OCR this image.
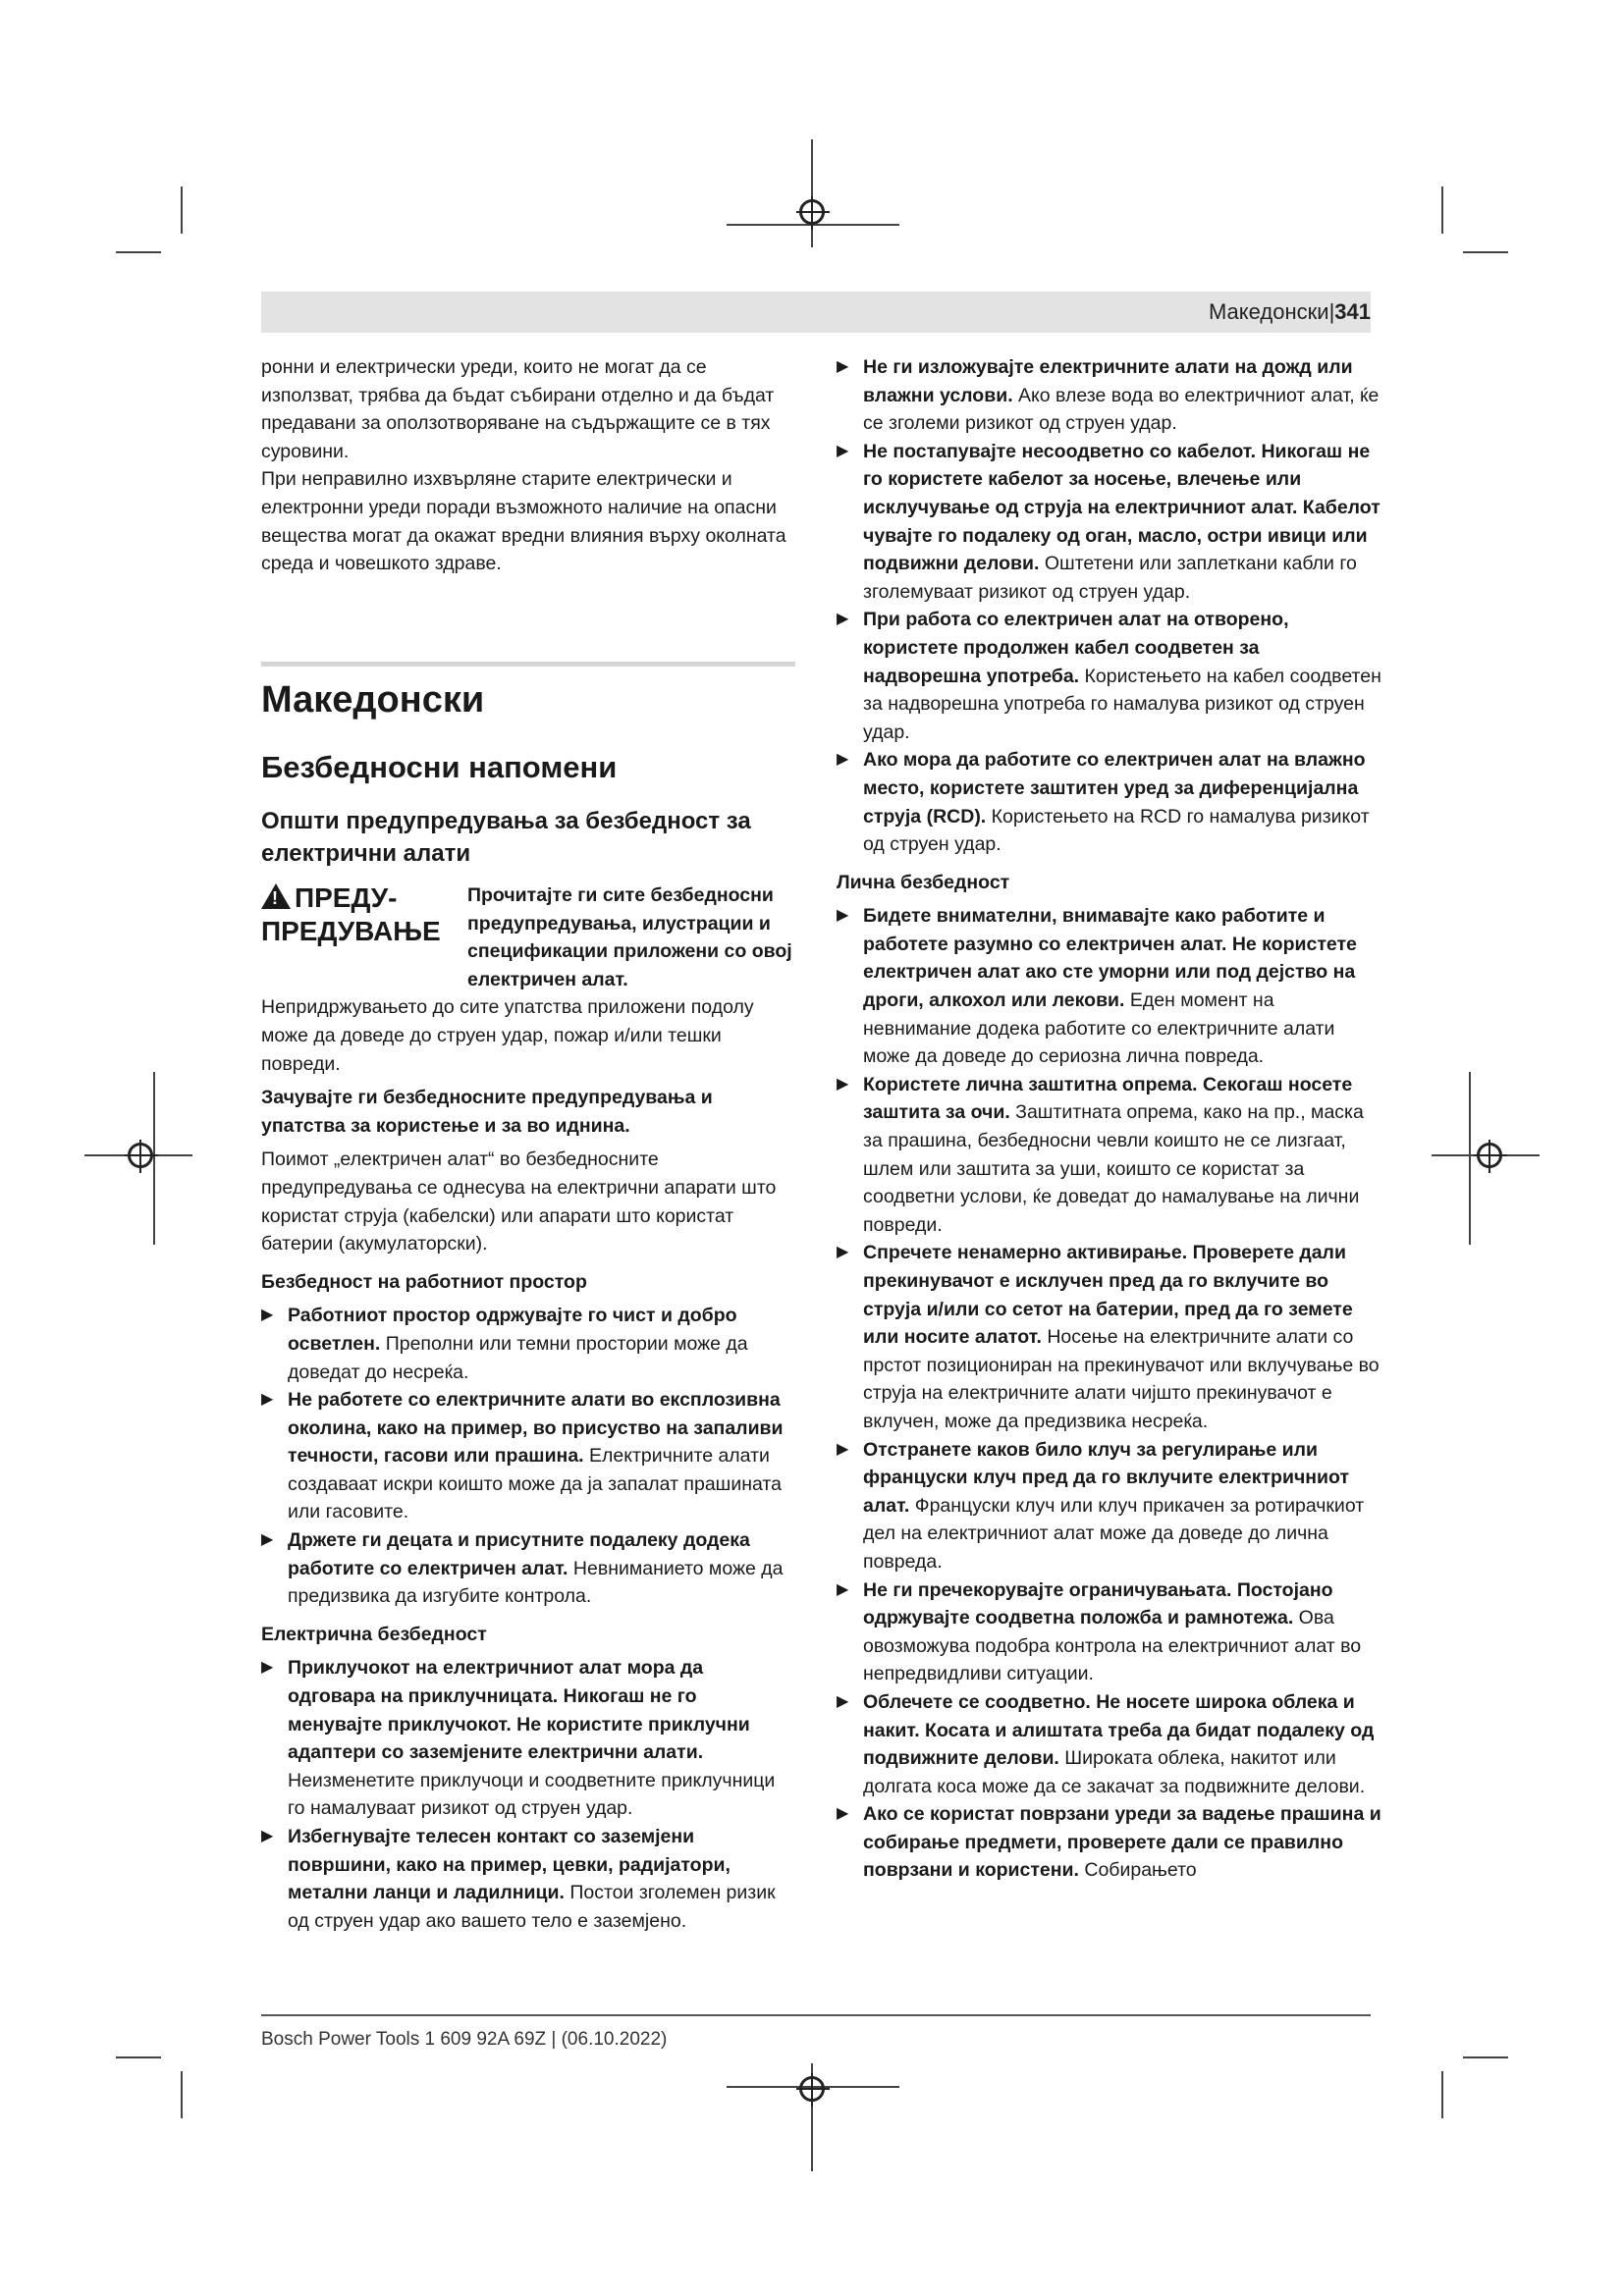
Македонски|341

ронни и електрически уреди, които не могат да се използват, трябва да бъдат събирани отделно и да бъдат предавани за оползотворяване на съдържащите се в тях суровини.

При неправилно изхвърляне старите електрически и електронни уреди поради възможното наличие на опасни вещества могат да окажат вредни влияния върху околната среда и човешкото здраве.

Македонски

Безбедносни напомени

Општи предупредувања за безбедност за електрични алати

!ПРЕДУ-
ПРЕДУВАЊЕ
Прочитајте ги сите безбедносни предупредувања, илустрации и спецификации приложени со овој електричен алат. Непридржувањето до сите упатства приложени подолу може да доведе до струен удар, пожар и/или тешки повреди.

Зачувајте ги безбедносните предупредувања и упатства за користење и за во иднина.

Поимот „електричен алат“ во безбедносните предупредувања се однесува на електрични апарати што користат струја (кабелски) или апарати што користат батерии (акумулаторски).

Безбедност на работниот простор

▶ Работниот простор одржувајте го чист и добро осветлен. Преполни или темни простории може да доведат до несреќа.

▶ Не работете со електричните алати во експлозивна околина, како на пример, во присуство на запаливи течности, гасови или прашина. Електричните алати создаваат искри коишто може да ја запалат прашината или гасовите.

▶ Држете ги децата и присутните подалеку додека работите со електричен алат. Невниманието може да предизвика да изгубите контрола.

Електрична безбедност

▶ Приклучокот на електричниот алат мора да одговара на приклучницата. Никогаш не го менувајте приклучокот. Не користите приклучни адаптери со заземјените електрични алати. Неизменетите приклучоци и соодветните приклучници го намалуваат ризикот од струен удар.

▶ Избегнувајте телесен контакт со заземјени површини, како на пример, цевки, радијатори, метални ланци и ладилници. Постои зголемен ризик од струен удар ако вашето тело е заземјено.

▶ Не ги изложувајте електричните алати на дожд или влажни услови. Ако влезе вода во електричниот алат, ќе се зголеми ризикот од струен удар.

▶ Не постапувајте несоодветно со кабелот. Никогаш не го користете кабелот за носење, влечење или исклучување од струја на електричниот алат. Кабелот чувајте го подалеку од оган, масло, остри ивици или подвижни делови. Оштетени или заплеткани кабли го зголемуваат ризикот од струен удар.

▶ При работа со електричен алат на отворено, користете продолжен кабел соодветен за надворешна употреба. Користењето на кабел соодветен за надворешна употреба го намалува ризикот од струен удар.

▶ Ако мора да работите со електричен алат на влажно место, користете заштитен уред за диференцијална струја (RCD). Користењето на RCD го намалува ризикот од струен удар.

Лична безбедност

▶ Бидете внимателни, внимавајте како работите и работете разумно со електричен алат. Не користете електричен алат ако сте уморни или под дејство на дроги, алкохол или лекови. Еден момент на невнимание додека работите со електричните алати може да доведе до сериозна лична повреда.

▶ Користете лична заштитна опрема. Секогаш носете заштита за очи. Заштитната опрема, како на пр., маска за прашина, безбедносни чевли коишто не се лизгаат, шлем или заштита за уши, коишто се користат за соодветни услови, ќе доведат до намалување на лични повреди.

▶ Спречете ненамерно активирање. Проверете дали прекинувачот е исклучен пред да го вклучите во струја и/или со сетот на батерии, пред да го земете или носите алатот. Носење на електричните алати со прстот позициониран на прекинувачот или вклучување во струја на електричните алати чијшто прекинувачот е вклучен, може да предизвика несреќа.

▶ Отстранете каков било клуч за регулирање или француски клуч пред да го вклучите електричниот алат. Француски клуч или клуч прикачен за ротирачкиот дел на електричниот алат може да доведе до лична повреда.

▶ Не ги пречекорувајте ограничувањата. Постојано одржувајте соодветна положба и рамнотежа. Ова овозможува подобра контрола на електричниот алат во непредвидливи ситуации.

▶ Облечете се соодветно. Не носете широка облека и накит. Косата и алиштата треба да бидат подалеку од подвижните делови. Широката облека, накитот или долгата коса може да се закачат за подвижните делови.

▶ Ако се користат поврзани уреди за вадење прашина и собирање предмети, проверете дали се правилно поврзани и користени. Собирањето

Bosch Power Tools 1 609 92A 69Z | (06.10.2022)
